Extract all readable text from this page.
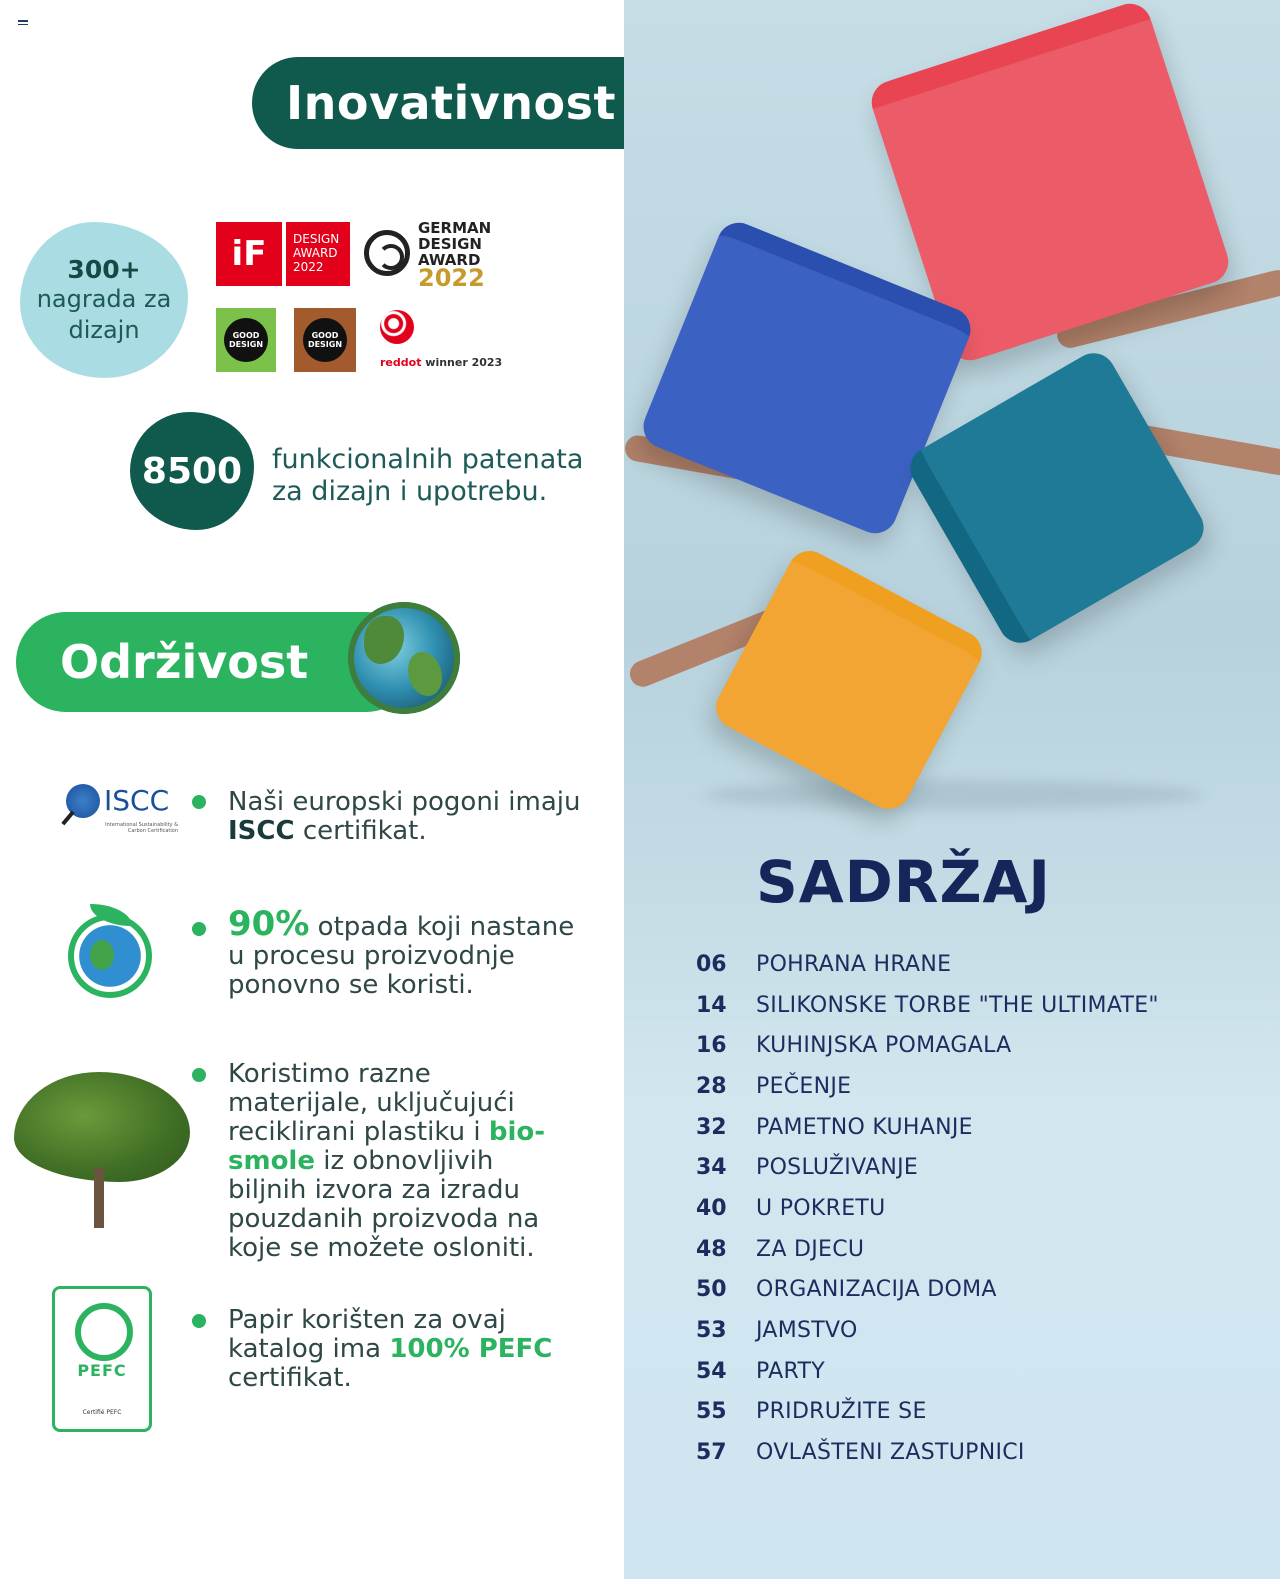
Inovativnost
300+
nagrada za dizajn
iF	DESIGN AWARD 2022
GERMAN DESIGN AWARD
2022
GOOD DESIGN
GOOD DESIGN
reddot winner 2023
8500	funkcionalnih patenata za dizajn i upotrebu.
Održivost
ISCC
International Sustainability & Carbon Certification
Naši europski pogoni imaju ISCC certifikat.
90% otpada koji nastane u procesu proizvodnje ponovno se koristi.
Koristimo razne materijale, uključujući reciklirani plastiku i bio-smole iz obnovljivih biljnih izvora za izradu pouzdanih proizvoda na koje se možete osloniti.
PEFC
Certifié PEFC
Papir korišten za ovaj katalog ima 100% PEFC certifikat.
SADRŽAJ
06	POHRANA HRANE
14	SILIKONSKE TORBE "THE ULTIMATE"
16	KUHINJSKA POMAGALA
28	PEČENJE
32	PAMETNO KUHANJE
34	POSLUŽIVANJE
40	U POKRETU
48	ZA DJECU
50	ORGANIZACIJA DOMA
53	JAMSTVO
54	PARTY
55	PRIDRUŽITE SE
57	OVLAŠTENI ZASTUPNICI
